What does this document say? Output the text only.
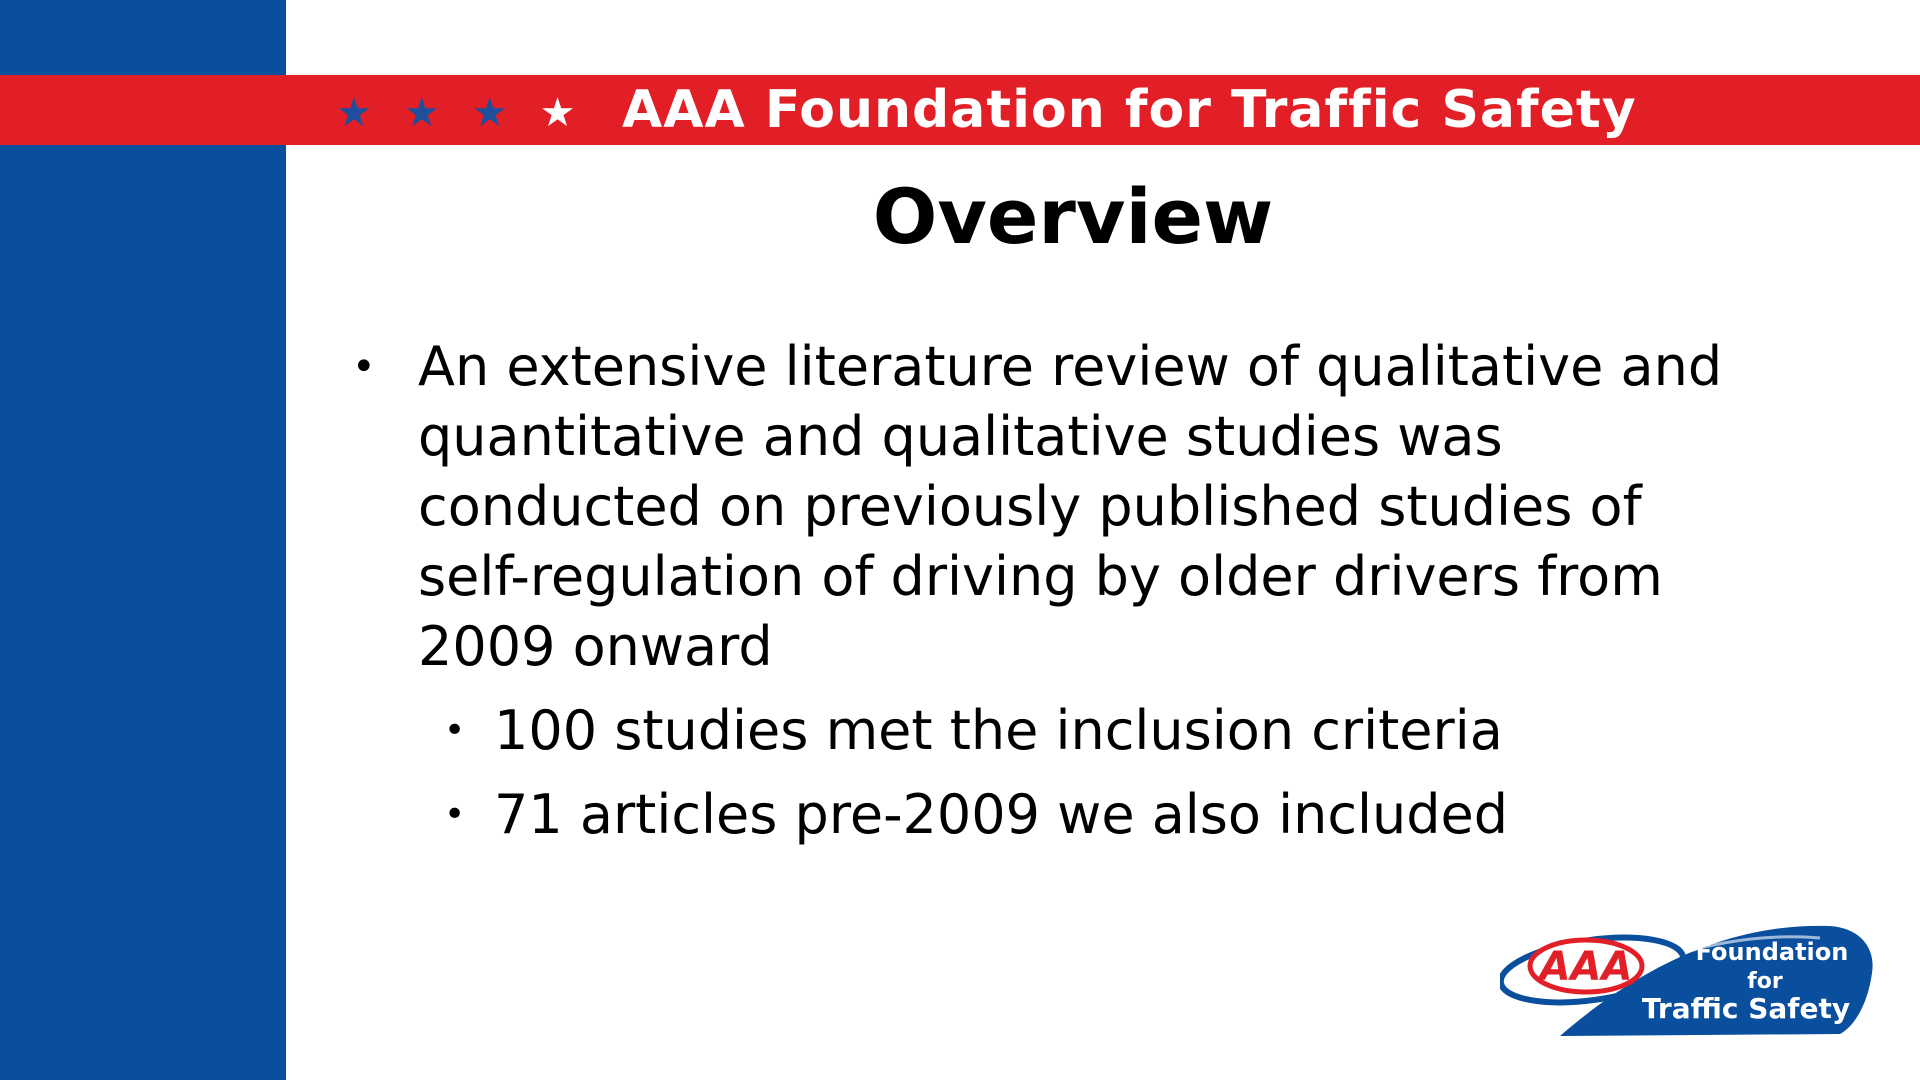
★ ★ ★ ★ AAA Foundation for Traffic Safety
Overview
• An extensive literature review of qualitative and quantitative and qualitative studies was conducted on previously published studies of self-regulation of driving by older drivers from 2009 onward
• 100 studies met the inclusion criteria
• 71 articles pre-2009 we also included
AAA	Foundation
for
Traffic Safety
